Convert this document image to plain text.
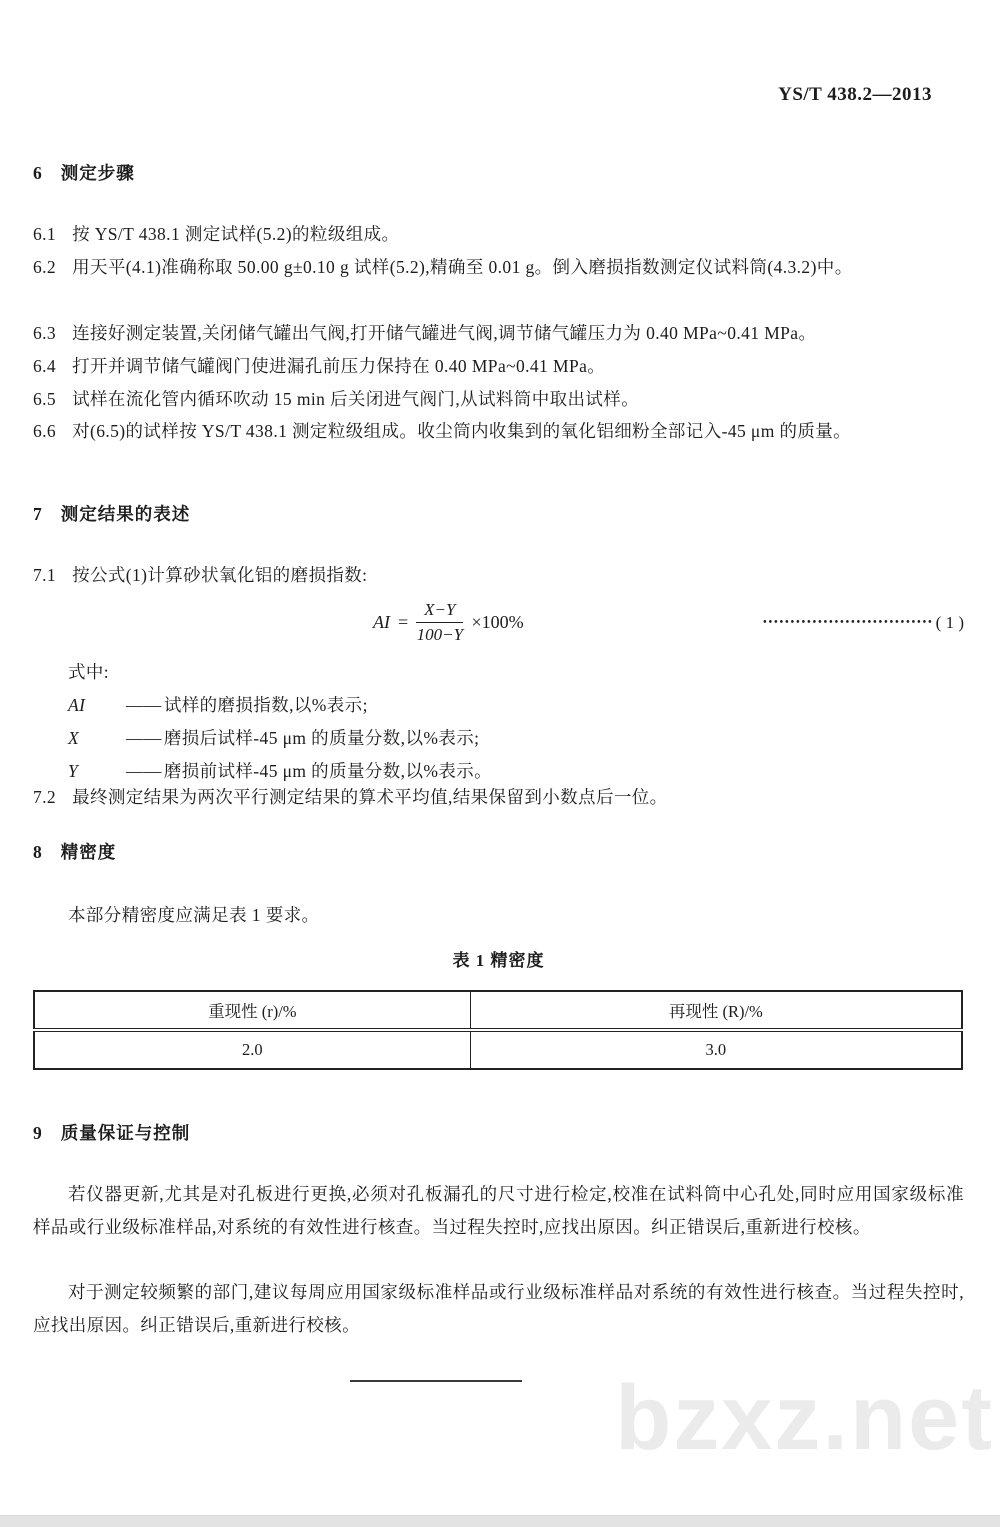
YS/T 438.2—2013
6 测定步骤
6.1 按 YS/T 438.1 测定试样(5.2)的粒级组成。
6.2 用天平(4.1)准确称取 50.00 g±0.10 g 试样(5.2),精确至 0.01 g。倒入磨损指数测定仪试料筒(4.3.2)中。
6.3 连接好测定装置,关闭储气罐出气阀,打开储气罐进气阀,调节储气罐压力为 0.40 MPa~0.41 MPa。
6.4 打开并调节储气罐阀门使进漏孔前压力保持在 0.40 MPa~0.41 MPa。
6.5 试样在流化管内循环吹动 15 min 后关闭进气阀门,从试料筒中取出试样。
6.6 对(6.5)的试样按 YS/T 438.1 测定粒级组成。收尘筒内收集到的氧化铝细粉全部记入-45 μm 的质量。
7 测定结果的表述
7.1 按公式(1)计算砂状氧化铝的磨损指数:
AI = $\frac{X-Y}{100-Y} \times 100\%$	••••••••••••••••••••••••••••••• ( 1 )
式中:
AI	—— 试样的磨损指数,以%表示;
X	—— 磨损后试样-45 μm 的质量分数,以%表示;
Y	—— 磨损前试样-45 μm 的质量分数,以%表示。
7.2 最终测定结果为两次平行测定结果的算术平均值,结果保留到小数点后一位。
8 精密度
本部分精密度应满足表 1 要求。
表 1 精密度
重现性 (r)/%	再现性 (R)/%
2.0	3.0
9 质量保证与控制
若仪器更新,尤其是对孔板进行更换,必须对孔板漏孔的尺寸进行检定,校准在试料筒中心孔处,同时应用国家级标准样品或行业级标准样品,对系统的有效性进行核查。当过程失控时,应找出原因。纠正错误后,重新进行校核。
对于测定较频繁的部门,建议每周应用国家级标准样品或行业级标准样品对系统的有效性进行核查。当过程失控时,应找出原因。纠正错误后,重新进行校核。
bzxz.net
